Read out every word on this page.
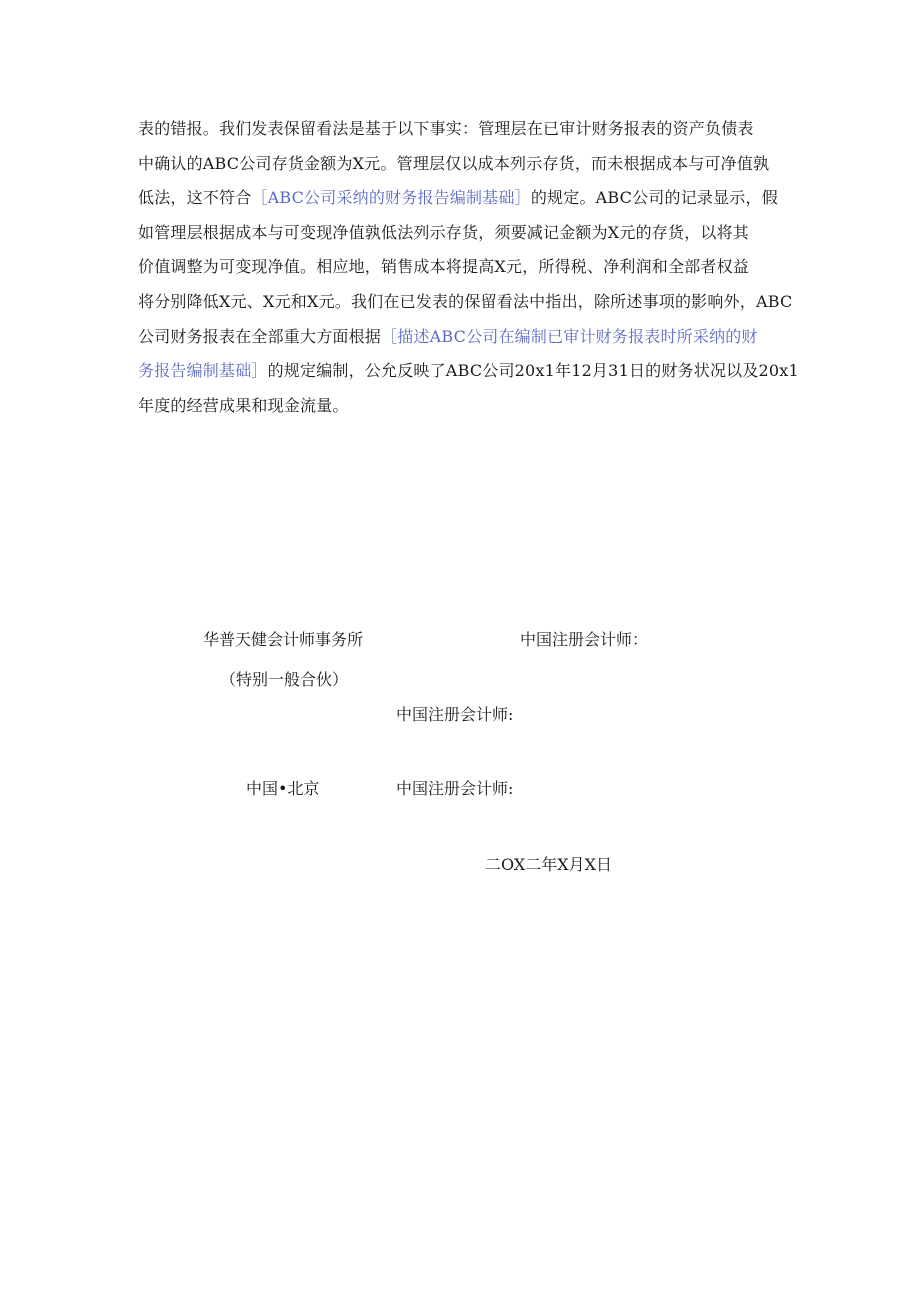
表的错报。我们发表保留看法是基于以下事实：管理层在已审计财务报表的资产负债表
中确认的ABC公司存货金额为X元。管理层仅以成本列示存货，而未根据成本与可净值孰
低法，这不符合［ABC公司采纳的财务报告编制基础］的规定。ABC公司的记录显示，假
如管理层根据成本与可变现净值孰低法列示存货，须要减记金额为X元的存货，以将其
价值调整为可变现净值。相应地，销售成本将提高X元，所得税、净利润和全部者权益
将分别降低X元、X元和X元。我们在已发表的保留看法中指出，除所述事项的影响外，ABC
公司财务报表在全部重大方面根据［描述ABC公司在编制已审计财务报表时所采纳的财
务报告编制基础］的规定编制，公允反映了ABC公司20x1年12月31日的财务状况以及20x1
年度的经营成果和现金流量。
华普天健会计师事务所	中国注册会计师：
（特别一般合伙）
中国注册会计师:
中国•北京	中国注册会计师:
二OX二年X月X日
